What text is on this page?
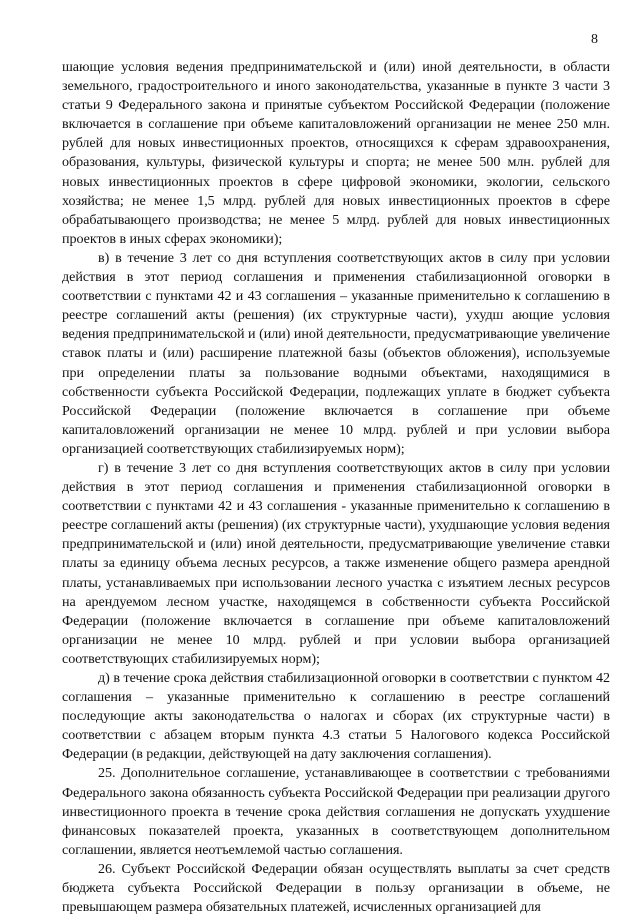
8

шающие условия ведения предпринимательской и (или) иной деятельности, в области земельного, градостроительного и иного законодательства, указанные в пункте 3 части 3 статьи 9 Федерального закона и принятые субъектом Российской Федерации (положение включается в соглашение при объеме капиталовложений организации не менее 250 млн. рублей для новых инвестиционных проектов, относящихся к сферам здравоохранения, образования, культуры, физической культуры и спорта; не менее 500 млн. рублей для новых инвестиционных проектов в сфере цифровой экономики, экологии, сельского хозяйства; не менее 1,5 млрд. рублей для новых инвестиционных проектов в сфере обрабатывающего производства; не менее 5 млрд. рублей для новых инвестиционных проектов в иных сферах экономики);

в) в течение 3 лет со дня вступления соответствующих актов в силу при условии действия в этот период соглашения и применения стабилизационной оговорки в соответствии с пунктами 42 и 43 соглашения – указанные применительно к соглашению в реестре соглашений акты (решения) (их структурные части), ухудш ающие условия ведения предпринимательской и (или) иной деятельности, предусматривающие увеличение ставок платы и (или) расширение платежной базы (объектов обложения), используемые при определении платы за пользование водными объектами, находящимися в собственности субъекта Российской Федерации, подлежащих уплате в бюджет субъекта Российской Федерации (положение включается в соглашение при объеме капиталовложений организации не менее 10 млрд. рублей и при условии выбора организацией соответствующих стабилизируемых норм);

г) в течение 3 лет со дня вступления соответствующих актов в силу при условии действия в этот период соглашения и применения стабилизационной оговорки в соответствии с пунктами 42 и 43 соглашения - указанные применительно к соглашению в реестре соглашений акты (решения) (их структурные части), ухудшающие условия ведения предпринимательской и (или) иной деятельности, предусматривающие увеличение ставки платы за единицу объема лесных ресурсов, а также изменение общего размера арендной платы, устанавливаемых при использовании лесного участка с изъятием лесных ресурсов на арендуемом лесном участке, находящемся в собственности субъекта Российской Федерации (положение включается в соглашение при объеме капиталовложений организации не менее 10 млрд. рублей и при условии выбора организацией соответствующих стабилизируемых норм);

д) в течение срока действия стабилизационной оговорки в соответствии с пунктом 42 соглашения – указанные применительно к соглашению в реестре соглашений последующие акты законодательства о налогах и сборах (их структурные части) в соответствии с абзацем вторым пункта 4.3 статьи 5 Налогового кодекса Российской Федерации (в редакции, действующей на дату заключения соглашения).

25. Дополнительное соглашение, устанавливающее в соответствии с требованиями Федерального закона обязанность субъекта Российской Федерации при реализации другого инвестиционного проекта в течение срока действия соглашения не допускать ухудшение финансовых показателей проекта, указанных в соответствующем дополнительном соглашении, является неотъемлемой частью соглашения.

26. Субъект Российской Федерации обязан осуществлять выплаты за счет средств бюджета субъекта Российской Федерации в пользу организации в объеме, не превышающем размера обязательных платежей, исчисленных организацией для
